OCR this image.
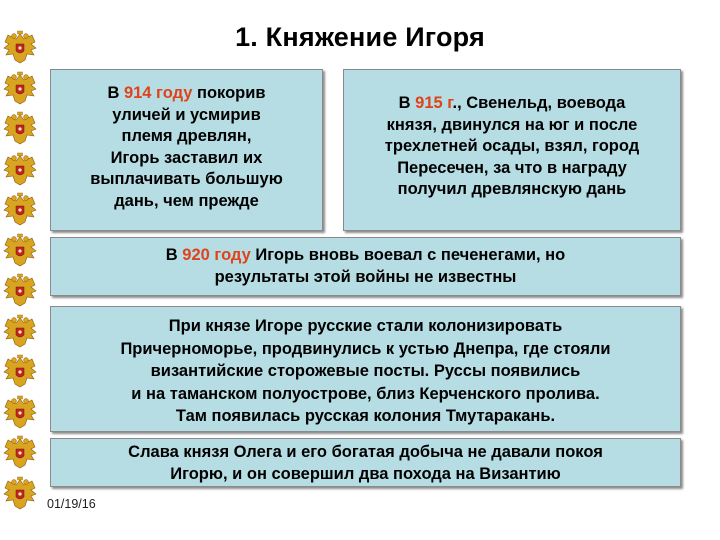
1. Княжение Игоря
В 914 году покорив
уличей и усмирив
племя древлян,
Игорь заставил их
выплачивать большую
дань, чем прежде
В 915 г., Свенельд, воевода
князя, двинулся на юг и после
трехлетней осады, взял, город
Пересечен, за что в награду
получил древлянскую дань
В 920 году Игорь вновь воевал с печенегами, но
результаты этой войны не известны
При князе Игоре русские стали колонизировать
Причерноморье, продвинулись к устью Днепра, где стояли
византийские сторожевые посты. Руссы появились
и на таманском полуострове, близ Керченского пролива.
Там появилась русская колония Тмутаракань.
Слава князя Олега и его богатая добыча не давали покоя
Игорю, и он совершил два похода на Византию
01/19/16
